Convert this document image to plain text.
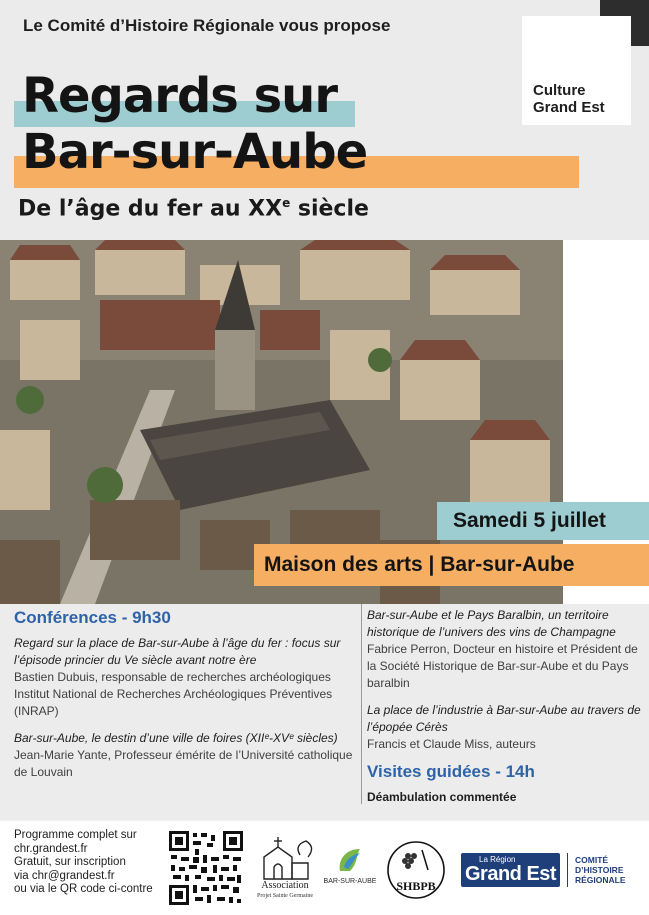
Le Comité d’Histoire Régionale vous propose
Culture
Grand Est
Regards sur
Bar-sur-Aube
De l’âge du fer au XXe siècle
Samedi 5 juillet
Maison des arts | Bar-sur-Aube
Conférences - 9h30
Regard sur la place de Bar-sur-Aube à l’âge du fer : focus sur l’épisode princier du Ve siècle avant notre ère
Bastien Dubuis, responsable de recherches archéologiques Institut National de Recherches Archéologiques Préventives (INRAP)
Bar-sur-Aube, le destin d’une ville de foires (XIIᵉ-XVᵉ siècles)
Jean-Marie Yante, Professeur émérite de l’Université catholique de Louvain
Bar-sur-Aube et le Pays Baralbin, un territoire historique de l’univers des vins de Champagne
Fabrice Perron, Docteur en histoire et Président de la Société Historique de Bar-sur-Aube et du Pays baralbin
La place de l’industrie à Bar-sur-Aube au travers de l’épopée Cérès
Francis et Claude Miss, auteurs
Visites guidées - 14h
Déambulation commentée
Programme complet sur
chr.grandest.fr
Gratuit, sur inscription
via chr@grandest.fr
ou via le QR code ci-contre	Association
Projet Sainte Germaine
BAR-SUR-AUBE	SHBPB
La Région
Grand Est
COMITÉ
D’HISTOIRE
RÉGIONALE
